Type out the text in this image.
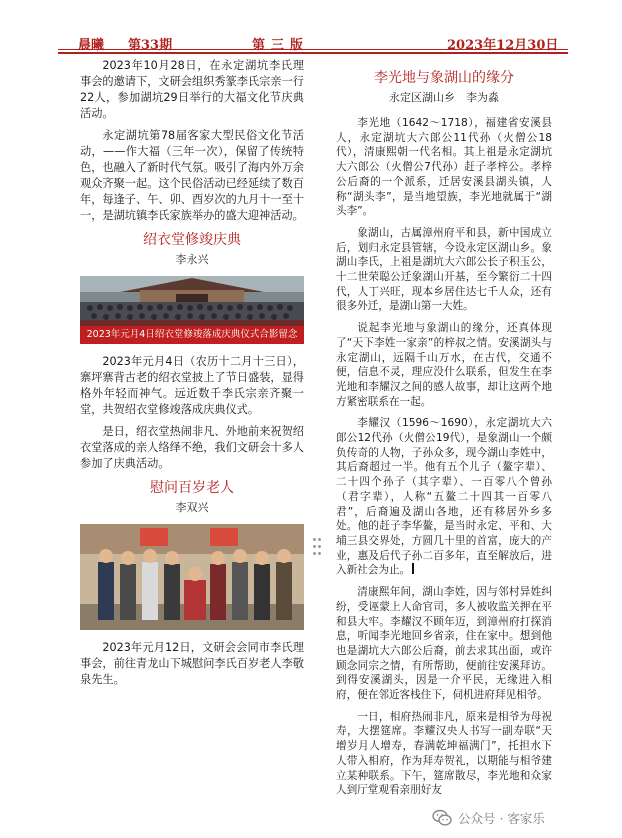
晨曦 第33期	第三版	2023年12月30日

2023年10月28日，在永定湖坑李氏理事会的邀请下，文研会组织秀篆李氏宗亲一行22人，参加湖坑29日举行的大福文化节庆典活动。

永定湖坑第78届客家大型民俗文化节活动，——作大福（三年一次），保留了传统特色，也融入了新时代气氛。吸引了海内外万余观众齐聚一起。这个民俗活动已经延续了数百年，每逢子、午、卯、酉岁次的九月十一至十一，是湖坑镇李氏家族举办的盛大迎神活动。

绍衣堂修竣庆典
李永兴
2023年元月4日绍衣堂修竣落成庆典仪式合影留念

2023年元月4日（农历十二月十三日），寨坪寨背古老的绍衣堂披上了节日盛装，显得格外年轻而神气。远近数千李氏宗亲齐聚一堂，共贺绍衣堂修竣落成庆典仪式。

是日，绍衣堂热闹非凡、外地前来祝贺绍衣堂落成的亲人络绎不绝，我们文研会十多人参加了庆典活动。

慰问百岁老人
李双兴

2023年元月12日，文研会会同市李氏理事会，前往青龙山下城慰问李氏百岁老人李敬泉先生。

李光地与象湖山的缘分
永定区湖山乡　李为淼

李光地（1642～1718），福建省安溪县人，永定湖坑大六郎公11代孙（火僧公18代），清康熙朝一代名相。其上祖是永定湖坑大六郎公（火僧公7代孙）赶子孝梓公。孝梓公后裔的一个派系，迁居安溪县湖头镇，人称“湖头李”，是当地望族，李光地就属于“湖头李”。

象湖山，古属漳州府平和县，新中国成立后，划归永定县管辖，今设永定区湖山乡。象湖山李氏，上祖是湖坑大六郎公长子积玉公，十二世荣聪公迁象湖山开基，至今繁衍二十四代，人丁兴旺，现本乡居住达七千人众，还有很多外迁，是湖山第一大姓。

说起李光地与象湖山的缘分，还真体现了“天下李姓一家亲”的梓叔之情。安溪湖头与永定湖山，远隔千山万水，在古代，交通不便，信息不灵，理应没什么联系，但发生在李光地和李耀汉之间的感人故事，却让这两个地方紧密联系在一起。

李耀汉（1596～1690），永定湖坑大六郎公12代孙（火僧公19代），是象湖山一个颇负传奇的人物，子孙众多，现今湖山李姓中，其后裔超过一半。他有五个儿子（鳌字辈）、二十四个孙子（其字辈）、一百零八个曾孙（君字辈），人称“五鳌二十四其一百零八君”，后裔遍及湖山各地，还有移居外乡多处。他的赶子李华鳌，是当时永定、平和、大埔三县交界处，方圆几十里的首富，庞大的产业，惠及后代子孙二百多年，直至解放后，进入新社会为止。

清康熙年间，湖山李姓，因与邻村异姓纠纷，受诬蒙上人命官司，多人被收监关押在平和县大牢。李耀汉不顾年迈，到漳州府打探消息，听闻李光地回乡省亲，住在家中。想到他也是湖坑大六郎公后裔，前去求其出面，或许顾念同宗之情，有所帮助，便前往安溪拜访。到得安溪湖头，因是一介平民，无缘进入相府，便在邻近客栈住下，伺机进府拜见相爷。

一日，相府热闹非凡，原来是相爷为母祝寿，大摆筵席。李耀汉央人书写一副寿联“天增岁月人增寿，春满乾坤福满门”，托担水下人带入相府，作为拜寿贺礼，以期能与相爷建立某种联系。下午，筵席散尽，李光地和众家人到厅堂观看亲朋好友

公众号 · 客家乐
